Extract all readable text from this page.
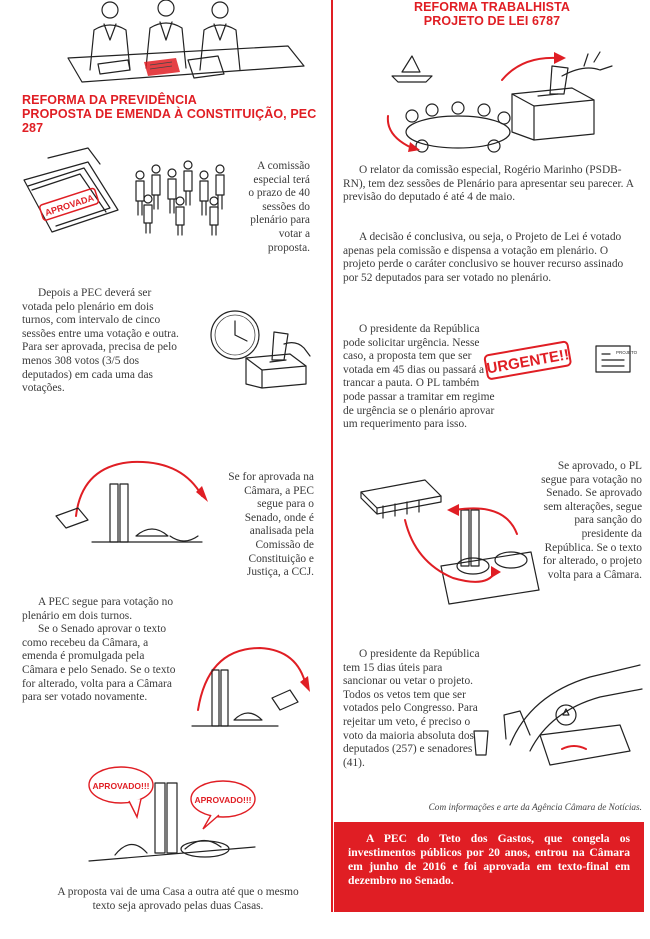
REFORMA DA PREVIDÊNCIA
PROPOSTA DE EMENDA À CONSTITUIÇÃO, PEC 287
APROVADA
A comissão especial terá o prazo de 40 sessões do plenário para votar a proposta.
Depois a PEC deverá ser votada pelo plenário em dois turnos, com intervalo de cinco sessões entre uma votação e outra. Para ser aprovada, precisa de pelo menos 308 votos (3/5 dos deputados) em cada uma das votações.
Se for aprovada na Câmara, a PEC segue para o Senado, onde é analisada pela Comissão de Constituição e Justiça, a CCJ.
A PEC segue para votação no plenário em dois turnos.
Se o Senado aprovar o texto como recebeu da Câmara, a emenda é promulgada pela Câmara e pelo Senado. Se o texto for alterado, volta para a Câmara para ser votado novamente.
APROVADO!!!
APROVADO!!!
A proposta vai de uma Casa a outra até que o mesmo texto seja aprovado pelas duas Casas.
REFORMA TRABALHISTA
PROJETO DE LEI 6787
O relator da comissão especial, Rogério Marinho (PSDB-RN), tem dez sessões de Plenário para apresentar seu parecer. A previsão do deputado é até 4 de maio.
A decisão é conclusiva, ou seja, o Projeto de Lei é votado apenas pela comissão e dispensa a votação em plenário. O projeto perde o caráter conclusivo se houver recurso assinado por 52 deputados para ser votado no plenário.
O presidente da República pode solicitar urgência. Nesse caso, a proposta tem que ser votada em 45 dias ou passará a trancar a pauta. O PL também pode passar a tramitar em regime de urgência se o plenário aprovar um requerimento para isso.
URGENTE!!	PROJETO
Se aprovado, o PL segue para votação no Senado. Se aprovado sem alterações, segue para sanção do presidente da República. Se o texto for alterado, o projeto volta para a Câmara.
O presidente da República tem 15 dias úteis para sancionar ou vetar o projeto. Todos os vetos tem que ser votados pelo Congresso. Para rejeitar um veto, é preciso o voto da maioria absoluta dos deputados (257) e senadores (41).
Com informações e arte da Agência Câmara de Notícias.

A PEC do Teto dos Gastos, que congela os investimentos públicos por 20 anos, entrou na Câmara em junho de 2016 e foi aprovada em texto-final em dezembro no Senado.
